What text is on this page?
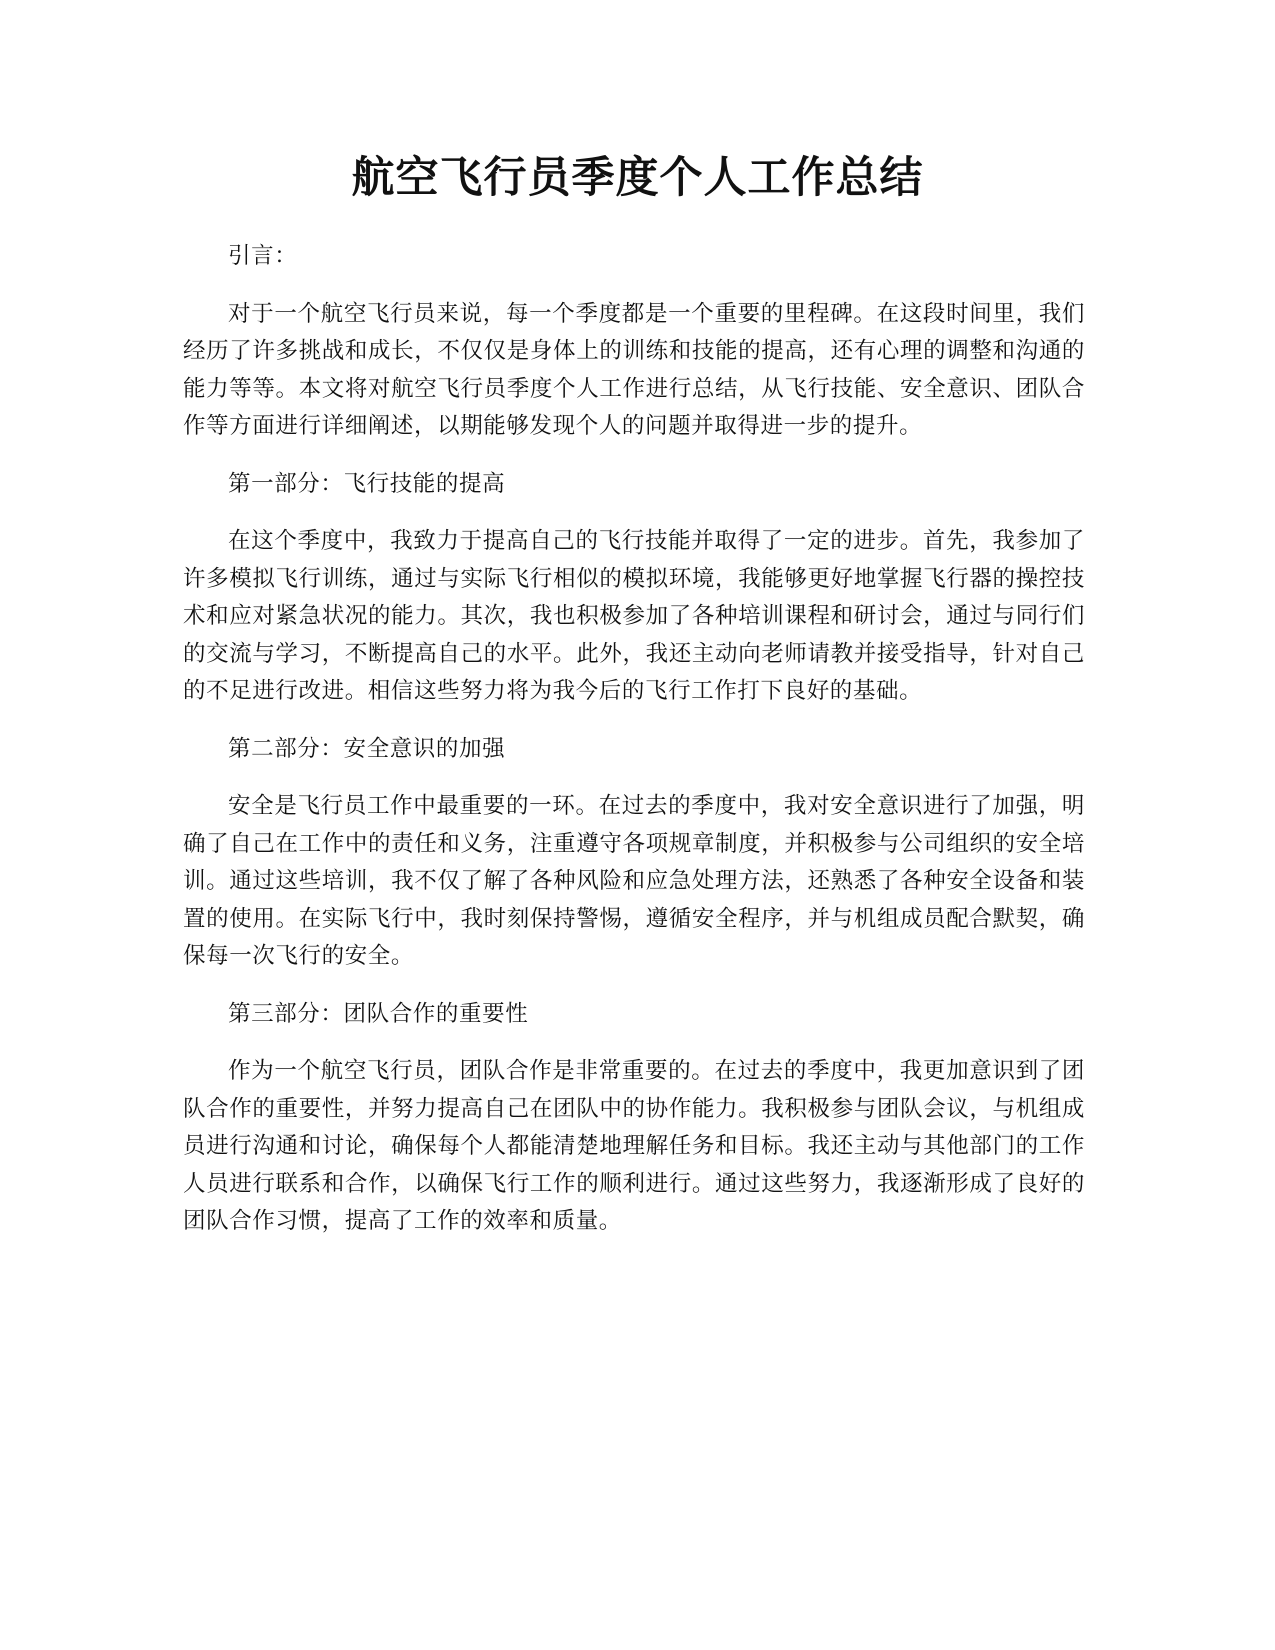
航空飞行员季度个人工作总结

引言：

对于一个航空飞行员来说，每一个季度都是一个重要的里程碑。在这段时间里，我们经历了许多挑战和成长，不仅仅是身体上的训练和技能的提高，还有心理的调整和沟通的能力等等。本文将对航空飞行员季度个人工作进行总结，从飞行技能、安全意识、团队合作等方面进行详细阐述，以期能够发现个人的问题并取得进一步的提升。

第一部分：飞行技能的提高

在这个季度中，我致力于提高自己的飞行技能并取得了一定的进步。首先，我参加了许多模拟飞行训练，通过与实际飞行相似的模拟环境，我能够更好地掌握飞行器的操控技术和应对紧急状况的能力。其次，我也积极参加了各种培训课程和研讨会，通过与同行们的交流与学习，不断提高自己的水平。此外，我还主动向老师请教并接受指导，针对自己的不足进行改进。相信这些努力将为我今后的飞行工作打下良好的基础。

第二部分：安全意识的加强

安全是飞行员工作中最重要的一环。在过去的季度中，我对安全意识进行了加强，明确了自己在工作中的责任和义务，注重遵守各项规章制度，并积极参与公司组织的安全培训。通过这些培训，我不仅了解了各种风险和应急处理方法，还熟悉了各种安全设备和装置的使用。在实际飞行中，我时刻保持警惕，遵循安全程序，并与机组成员配合默契，确保每一次飞行的安全。

第三部分：团队合作的重要性

作为一个航空飞行员，团队合作是非常重要的。在过去的季度中，我更加意识到了团队合作的重要性，并努力提高自己在团队中的协作能力。我积极参与团队会议，与机组成员进行沟通和讨论，确保每个人都能清楚地理解任务和目标。我还主动与其他部门的工作人员进行联系和合作，以确保飞行工作的顺利进行。通过这些努力，我逐渐形成了良好的团队合作习惯，提高了工作的效率和质量。
